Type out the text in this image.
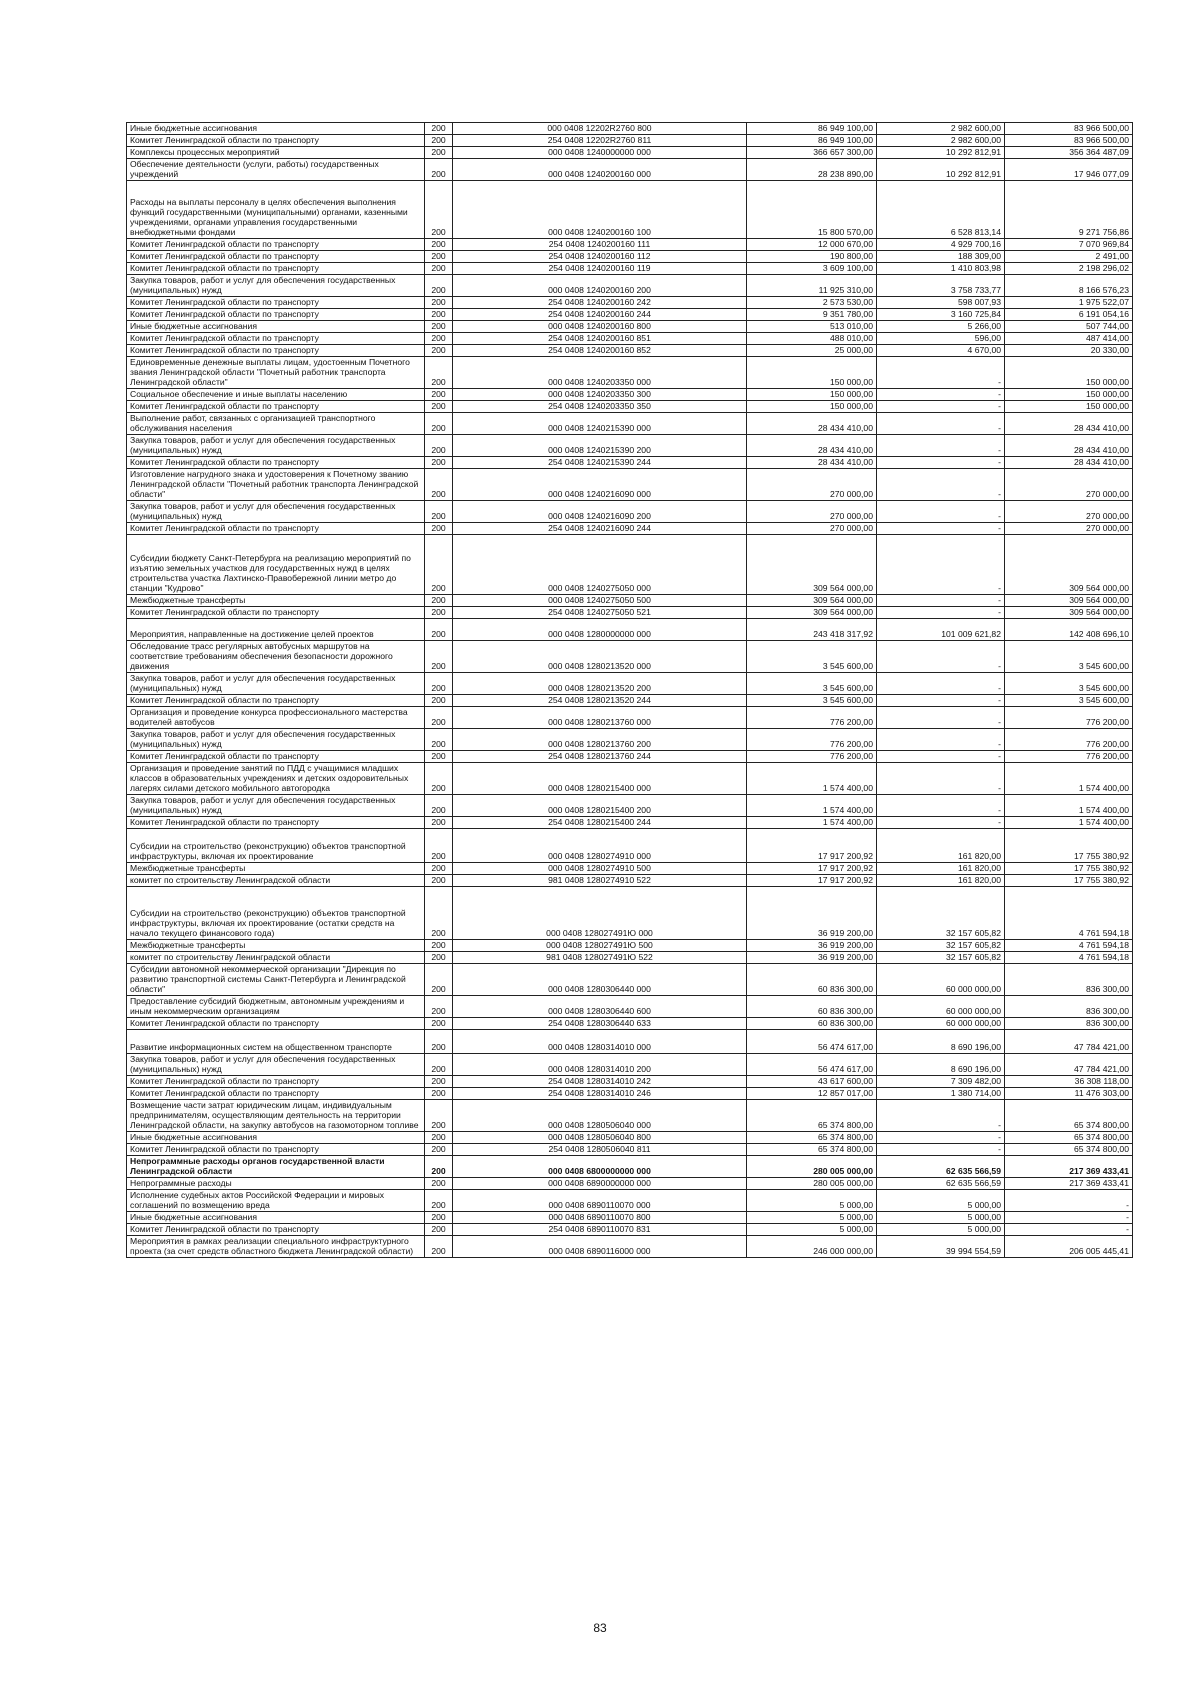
Иные бюджетные ассигнования	200	000 0408 12202R2760 800	86 949 100,00	2 982 600,00	83 966 500,00
Комитет Ленинградской области по транспорту	200	254 0408 12202R2760 811	86 949 100,00	2 982 600,00	83 966 500,00
Комплексы процессных мероприятий	200	000 0408 1240000000 000	366 657 300,00	10 292 812,91	356 364 487,09
Обеспечение деятельности (услуги, работы) государственных учреждений	200	000 0408 1240200160 000	28 238 890,00	10 292 812,91	17 946 077,09
Расходы на выплаты персоналу в целях обеспечения выполнения функций государственными (муниципальными) органами, казенными учреждениями, органами управления государственными внебюджетными фондами	200	000 0408 1240200160 100	15 800 570,00	6 528 813,14	9 271 756,86
Комитет Ленинградской области по транспорту	200	254 0408 1240200160 111	12 000 670,00	4 929 700,16	7 070 969,84
Комитет Ленинградской области по транспорту	200	254 0408 1240200160 112	190 800,00	188 309,00	2 491,00
Комитет Ленинградской области по транспорту	200	254 0408 1240200160 119	3 609 100,00	1 410 803,98	2 198 296,02
Закупка товаров, работ и услуг для обеспечения государственных (муниципальных) нужд	200	000 0408 1240200160 200	11 925 310,00	3 758 733,77	8 166 576,23
Комитет Ленинградской области по транспорту	200	254 0408 1240200160 242	2 573 530,00	598 007,93	1 975 522,07
Комитет Ленинградской области по транспорту	200	254 0408 1240200160 244	9 351 780,00	3 160 725,84	6 191 054,16
Иные бюджетные ассигнования	200	000 0408 1240200160 800	513 010,00	5 266,00	507 744,00
Комитет Ленинградской области по транспорту	200	254 0408 1240200160 851	488 010,00	596,00	487 414,00
Комитет Ленинградской области по транспорту	200	254 0408 1240200160 852	25 000,00	4 670,00	20 330,00
Единовременные денежные выплаты лицам, удостоенным Почетного звания Ленинградской области "Почетный работник транспорта Ленинградской области"	200	000 0408 1240203350 000	150 000,00	-	150 000,00
Социальное обеспечение и иные выплаты населению	200	000 0408 1240203350 300	150 000,00	-	150 000,00
Комитет Ленинградской области по транспорту	200	254 0408 1240203350 350	150 000,00	-	150 000,00
Выполнение работ, связанных с организацией транспортного обслуживания населения	200	000 0408 1240215390 000	28 434 410,00	-	28 434 410,00
Закупка товаров, работ и услуг для обеспечения государственных (муниципальных) нужд	200	000 0408 1240215390 200	28 434 410,00	-	28 434 410,00
Комитет Ленинградской области по транспорту	200	254 0408 1240215390 244	28 434 410,00	-	28 434 410,00
Изготовление нагрудного знака и удостоверения к Почетному званию Ленинградской области "Почетный работник транспорта Ленинградской области"	200	000 0408 1240216090 000	270 000,00	-	270 000,00
Закупка товаров, работ и услуг для обеспечения государственных (муниципальных) нужд	200	000 0408 1240216090 200	270 000,00	-	270 000,00
Комитет Ленинградской области по транспорту	200	254 0408 1240216090 244	270 000,00	-	270 000,00
Субсидии бюджету Санкт-Петербурга на реализацию мероприятий по изъятию земельных участков для государственных нужд в целях строительства участка Лахтинско-Правобережной линии метро до станции "Кудрово"	200	000 0408 1240275050 000	309 564 000,00	-	309 564 000,00
Межбюджетные трансферты	200	000 0408 1240275050 500	309 564 000,00	-	309 564 000,00
Комитет Ленинградской области по транспорту	200	254 0408 1240275050 521	309 564 000,00	-	309 564 000,00
Мероприятия, направленные на достижение целей проектов	200	000 0408 1280000000 000	243 418 317,92	101 009 621,82	142 408 696,10
Обследование трасс регулярных автобусных маршрутов на соответствие требованиям обеспечения безопасности дорожного движения	200	000 0408 1280213520 000	3 545 600,00	-	3 545 600,00
Закупка товаров, работ и услуг для обеспечения государственных (муниципальных) нужд	200	000 0408 1280213520 200	3 545 600,00	-	3 545 600,00
Комитет Ленинградской области по транспорту	200	254 0408 1280213520 244	3 545 600,00	-	3 545 600,00
Организация и проведение конкурса профессионального мастерства водителей автобусов	200	000 0408 1280213760 000	776 200,00	-	776 200,00
Закупка товаров, работ и услуг для обеспечения государственных (муниципальных) нужд	200	000 0408 1280213760 200	776 200,00	-	776 200,00
Комитет Ленинградской области по транспорту	200	254 0408 1280213760 244	776 200,00	-	776 200,00
Организация и проведение занятий по ПДД с учащимися младших классов в образовательных учреждениях и детских оздоровительных лагерях силами детского мобильного автогородка	200	000 0408 1280215400 000	1 574 400,00	-	1 574 400,00
Закупка товаров, работ и услуг для обеспечения государственных (муниципальных) нужд	200	000 0408 1280215400 200	1 574 400,00	-	1 574 400,00
Комитет Ленинградской области по транспорту	200	254 0408 1280215400 244	1 574 400,00	-	1 574 400,00
Субсидии на строительство (реконструкцию) объектов транспортной инфраструктуры, включая их проектирование	200	000 0408 1280274910 000	17 917 200,92	161 820,00	17 755 380,92
Межбюджетные трансферты	200	000 0408 1280274910 500	17 917 200,92	161 820,00	17 755 380,92
комитет по строительству Ленинградской области	200	981 0408 1280274910 522	17 917 200,92	161 820,00	17 755 380,92
Субсидии на строительство (реконструкцию) объектов транспортной инфраструктуры, включая их проектирование (остатки средств на начало текущего финансового года)	200	000 0408 128027491Ю 000	36 919 200,00	32 157 605,82	4 761 594,18
Межбюджетные трансферты	200	000 0408 128027491Ю 500	36 919 200,00	32 157 605,82	4 761 594,18
комитет по строительству Ленинградской области	200	981 0408 128027491Ю 522	36 919 200,00	32 157 605,82	4 761 594,18
Субсидии автономной некоммерческой организации "Дирекция по развитию транспортной системы Санкт-Петербурга и Ленинградской области"	200	000 0408 1280306440 000	60 836 300,00	60 000 000,00	836 300,00
Предоставление субсидий бюджетным, автономным учреждениям и иным некоммерческим организациям	200	000 0408 1280306440 600	60 836 300,00	60 000 000,00	836 300,00
Комитет Ленинградской области по транспорту	200	254 0408 1280306440 633	60 836 300,00	60 000 000,00	836 300,00
Развитие информационных систем на общественном транспорте	200	000 0408 1280314010 000	56 474 617,00	8 690 196,00	47 784 421,00
Закупка товаров, работ и услуг для обеспечения государственных (муниципальных) нужд	200	000 0408 1280314010 200	56 474 617,00	8 690 196,00	47 784 421,00
Комитет Ленинградской области по транспорту	200	254 0408 1280314010 242	43 617 600,00	7 309 482,00	36 308 118,00
Комитет Ленинградской области по транспорту	200	254 0408 1280314010 246	12 857 017,00	1 380 714,00	11 476 303,00
Возмещение части затрат юридическим лицам, индивидуальным предпринимателям, осуществляющим деятельность на территории Ленинградской области, на закупку автобусов на газомоторном топливе	200	000 0408 1280506040 000	65 374 800,00	-	65 374 800,00
Иные бюджетные ассигнования	200	000 0408 1280506040 800	65 374 800,00	-	65 374 800,00
Комитет Ленинградской области по транспорту	200	254 0408 1280506040 811	65 374 800,00	-	65 374 800,00
Непрограммные расходы органов государственной власти Ленинградской области	200	000 0408 6800000000 000	280 005 000,00	62 635 566,59	217 369 433,41
Непрограммные расходы	200	000 0408 6890000000 000	280 005 000,00	62 635 566,59	217 369 433,41
Исполнение судебных актов Российской Федерации и мировых соглашений по возмещению вреда	200	000 0408 6890110070 000	5 000,00	5 000,00	-
Иные бюджетные ассигнования	200	000 0408 6890110070 800	5 000,00	5 000,00	-
Комитет Ленинградской области по транспорту	200	254 0408 6890110070 831	5 000,00	5 000,00	-
Мероприятия в рамках реализации специального инфраструктурного проекта (за счет средств областного бюджета Ленинградской области)	200	000 0408 6890116000 000	246 000 000,00	39 994 554,59	206 005 445,41
83
